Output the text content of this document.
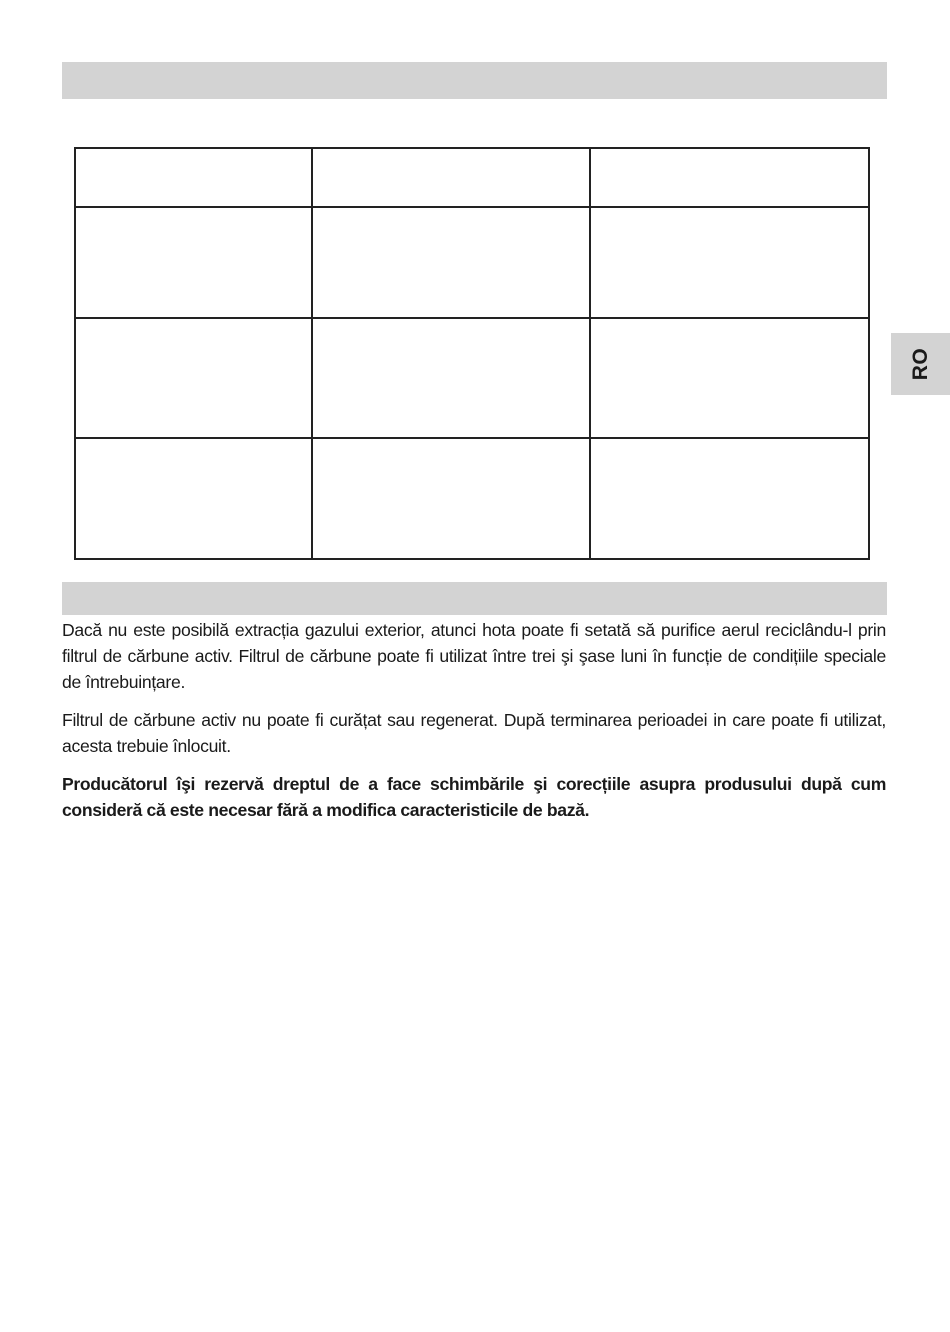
RO

Dacă nu este posibilă extracția gazului exterior, atunci hota poate fi setată să purifice aerul reciclându-l prin filtrul de cărbune activ. Filtrul de cărbune poate fi utilizat între trei şi şase luni în funcție de condițiile speciale de întrebuințare.

Filtrul de cărbune activ nu poate fi curățat sau regenerat. După terminarea perioadei in care poate fi utilizat, acesta trebuie înlocuit.

Producătorul îşi rezervă dreptul de a face schimbările şi corecțiile asupra produsului după cum consideră că este necesar fără a modifica caracteristicile de bază.
